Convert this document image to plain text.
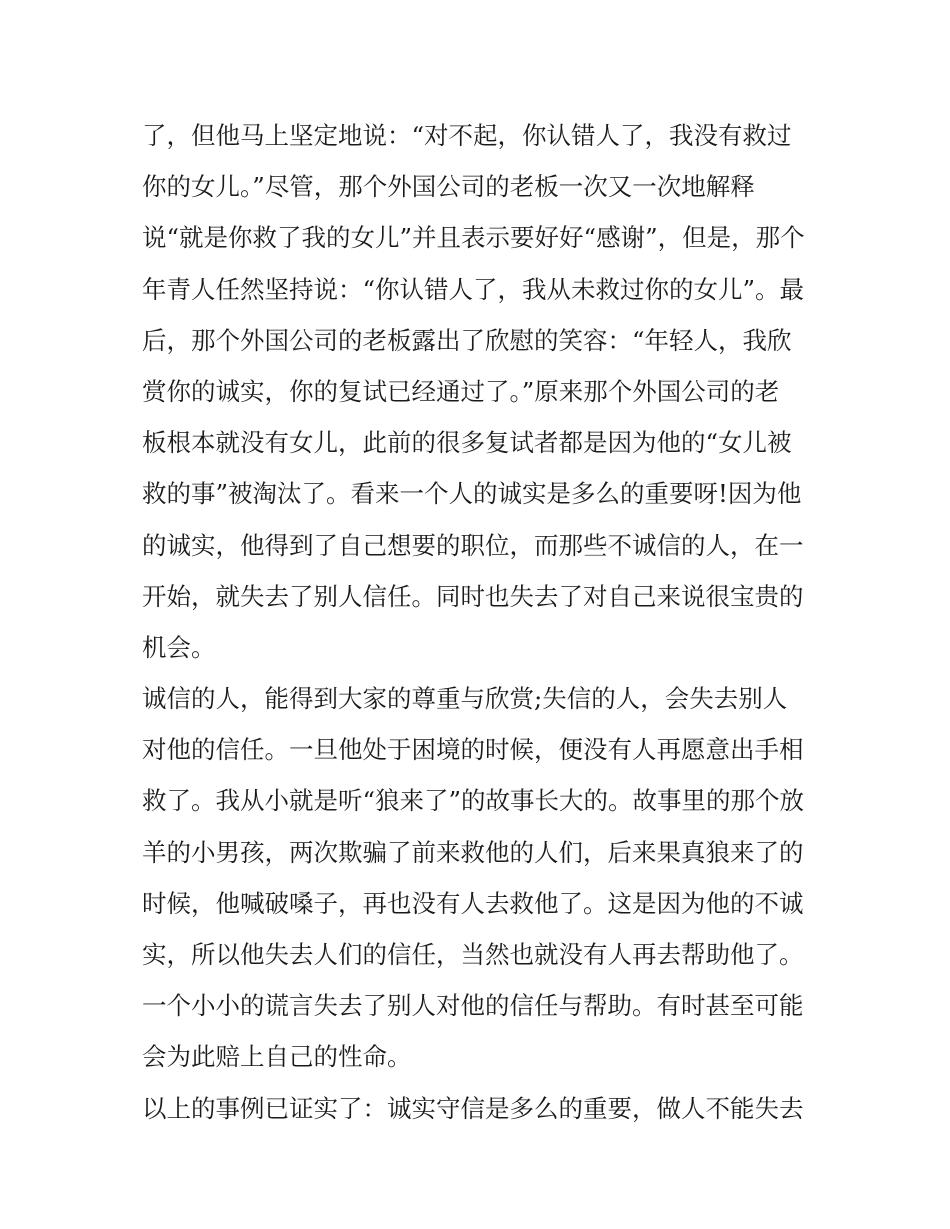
了，但他马上坚定地说：“对不起，你认错人了，我没有救过
你的女儿。”尽管，那个外国公司的老板一次又一次地解释
说“就是你救了我的女儿”并且表示要好好“感谢”，但是，那个
年青人任然坚持说：“你认错人了，我从未救过你的女儿”。最
后，那个外国公司的老板露出了欣慰的笑容：“年轻人，我欣
赏你的诚实，你的复试已经通过了。”原来那个外国公司的老
板根本就没有女儿，此前的很多复试者都是因为他的“女儿被
救的事”被淘汰了。看来一个人的诚实是多么的重要呀!因为他
的诚实，他得到了自己想要的职位，而那些不诚信的人，在一
开始，就失去了别人信任。同时也失去了对自己来说很宝贵的
机会。
诚信的人，能得到大家的尊重与欣赏;失信的人，会失去别人
对他的信任。一旦他处于困境的时候，便没有人再愿意出手相
救了。我从小就是听“狼来了”的故事长大的。故事里的那个放
羊的小男孩，两次欺骗了前来救他的人们，后来果真狼来了的
时候，他喊破嗓子，再也没有人去救他了。这是因为他的不诚
实，所以他失去人们的信任，当然也就没有人再去帮助他了。
一个小小的谎言失去了别人对他的信任与帮助。有时甚至可能
会为此赔上自己的性命。
以上的事例已证实了：诚实守信是多么的重要，做人不能失去
